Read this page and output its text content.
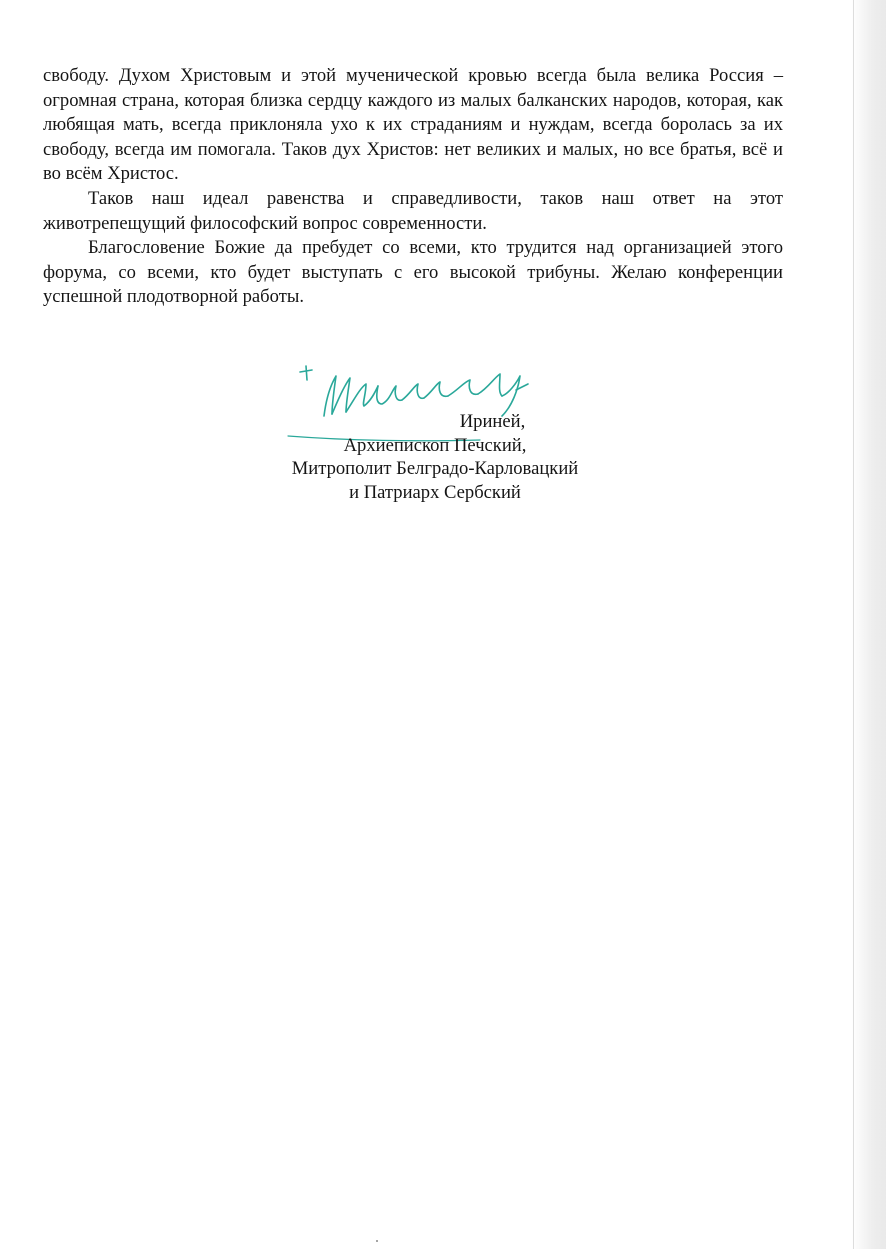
свободу. Духом Христовым и этой мученической кровью всегда была велика Россия – огромная страна, которая близка сердцу каждого из малых балканских народов, которая, как любящая мать, всегда приклоняла ухо к их страданиям и нуждам, всегда боролась за их свободу, всегда им помогала. Таков дух Христов: нет великих и малых, но все братья, всё и во всём Христос.

Таков наш идеал равенства и справедливости, таков наш ответ на этот животрепещущий философский вопрос современности.

Благословение Божие да пребудет со всеми, кто трудится над организацией этого форума, со всеми, кто будет выступать с его высокой трибуны. Желаю конференции успешной плодотворной работы.

Ириней,
Архиепископ Печский,
Митрополит Белградо-Карловацкий
и Патриарх Сербский
